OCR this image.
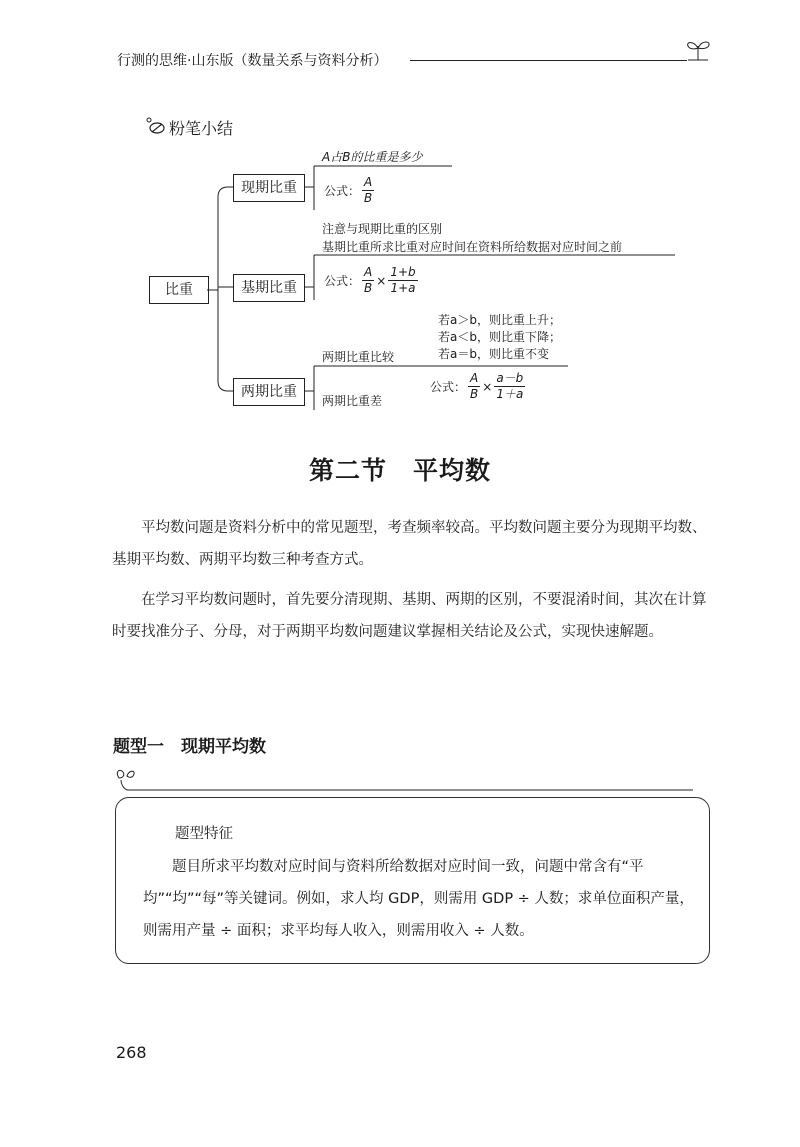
行测的思维·山东版（数量关系与资料分析）
粉笔小结
比重
现期比重
基期比重
两期比重
A占B的比重是多少
公式： $\frac{A}{B}$
注意与现期比重的区别
基期比重所求比重对应时间在资料所给数据对应时间之前
公式： $\frac{A}{B} \times \frac{1+b}{1+a}$
若a＞b，则比重上升；
若a＜b，则比重下降；
若a＝b，则比重不变
两期比重比较
两期比重差
公式： $\frac{A}{B} \times \frac{a-b}{1+a}$
第二节　平均数
平均数问题是资料分析中的常见题型，考查频率较高。平均数问题主要分为现期平均数、基期平均数、两期平均数三种考查方式。
在学习平均数问题时，首先要分清现期、基期、两期的区别，不要混淆时间，其次在计算时要找准分子、分母，对于两期平均数问题建议掌握相关结论及公式，实现快速解题。
题型一　现期平均数
题型特征
题目所求平均数对应时间与资料所给数据对应时间一致，问题中常含有“平均”“均”“每”等关键词。例如，求人均 GDP，则需用 GDP ÷ 人数；求单位面积产量，则需用产量 ÷ 面积；求平均每人收入，则需用收入 ÷ 人数。
268
